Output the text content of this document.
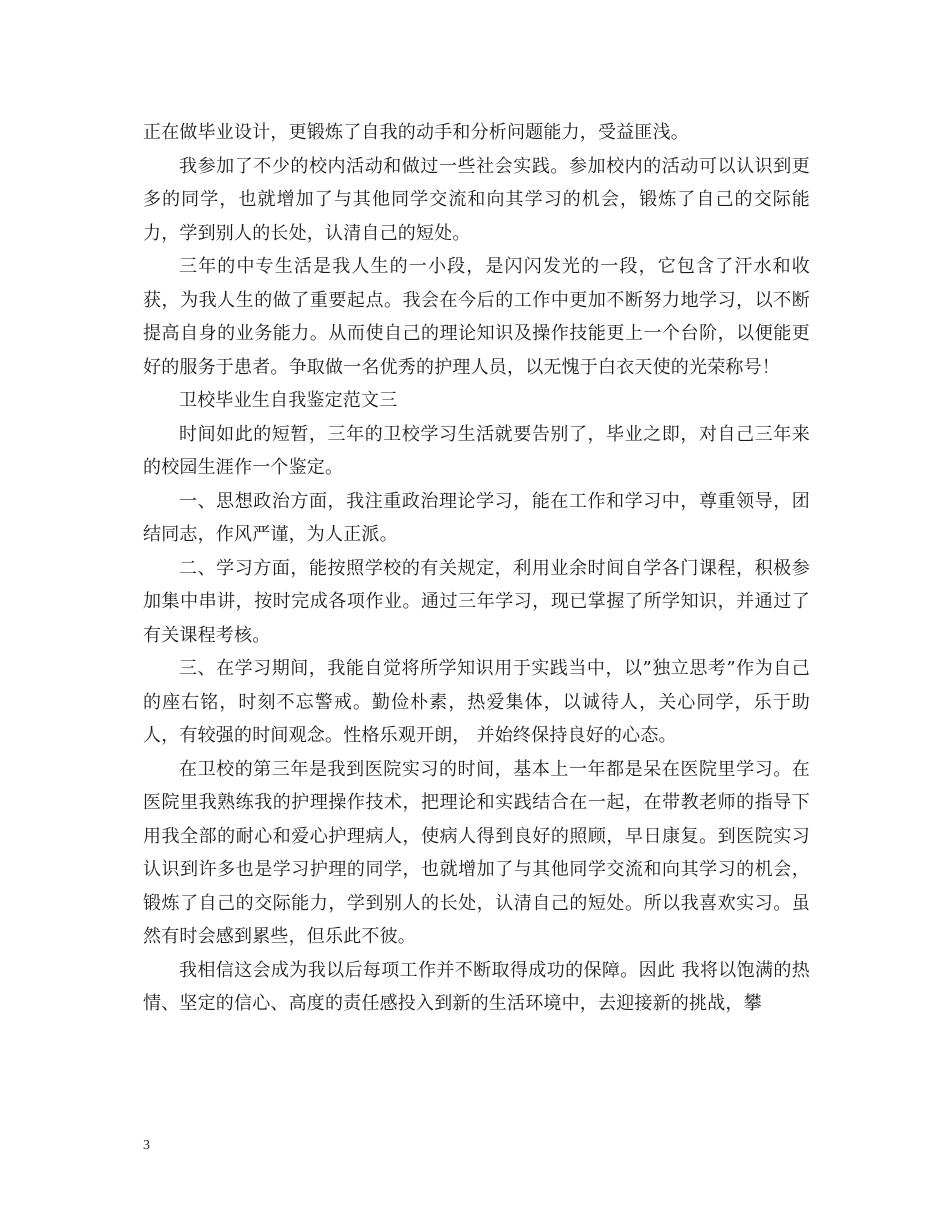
正在做毕业设计，更锻炼了自我的动手和分析问题能力，受益匪浅。

我参加了不少的校内活动和做过一些社会实践。参加校内的活动可以认识到更多的同学，也就增加了与其他同学交流和向其学习的机会，锻炼了自己的交际能力，学到别人的长处，认清自己的短处。

三年的中专生活是我人生的一小段，是闪闪发光的一段，它包含了汗水和收获，为我人生的做了重要起点。我会在今后的工作中更加不断努力地学习，以不断提高自身的业务能力。从而使自己的理论知识及操作技能更上一个台阶，以便能更好的服务于患者。争取做一名优秀的护理人员，以无愧于白衣天使的光荣称号！

卫校毕业生自我鉴定范文三

时间如此的短暂，三年的卫校学习生活就要告别了，毕业之即，对自己三年来的校园生涯作一个鉴定。

一、思想政治方面，我注重政治理论学习，能在工作和学习中，尊重领导，团结同志，作风严谨，为人正派。

二、学习方面，能按照学校的有关规定，利用业余时间自学各门课程，积极参加集中串讲，按时完成各项作业。通过三年学习，现已掌握了所学知识，并通过了有关课程考核。

三、在学习期间，我能自觉将所学知识用于实践当中，以”独立思考”作为自己的座右铭，时刻不忘警戒。勤俭朴素，热爱集体，以诚待人，关心同学，乐于助人，有较强的时间观念。性格乐观开朗， 并始终保持良好的心态。

在卫校的第三年是我到医院实习的时间，基本上一年都是呆在医院里学习。在医院里我熟练我的护理操作技术，把理论和实践结合在一起，在带教老师的指导下用我全部的耐心和爱心护理病人，使病人得到良好的照顾，早日康复。到医院实习认识到许多也是学习护理的同学，也就增加了与其他同学交流和向其学习的机会，锻炼了自己的交际能力，学到别人的长处，认清自己的短处。所以我喜欢实习。虽然有时会感到累些，但乐此不彼。

我相信这会成为我以后每项工作并不断取得成功的保障。因此 我将以饱满的热情、坚定的信心、高度的责任感投入到新的生活环境中，去迎接新的挑战，攀

3
